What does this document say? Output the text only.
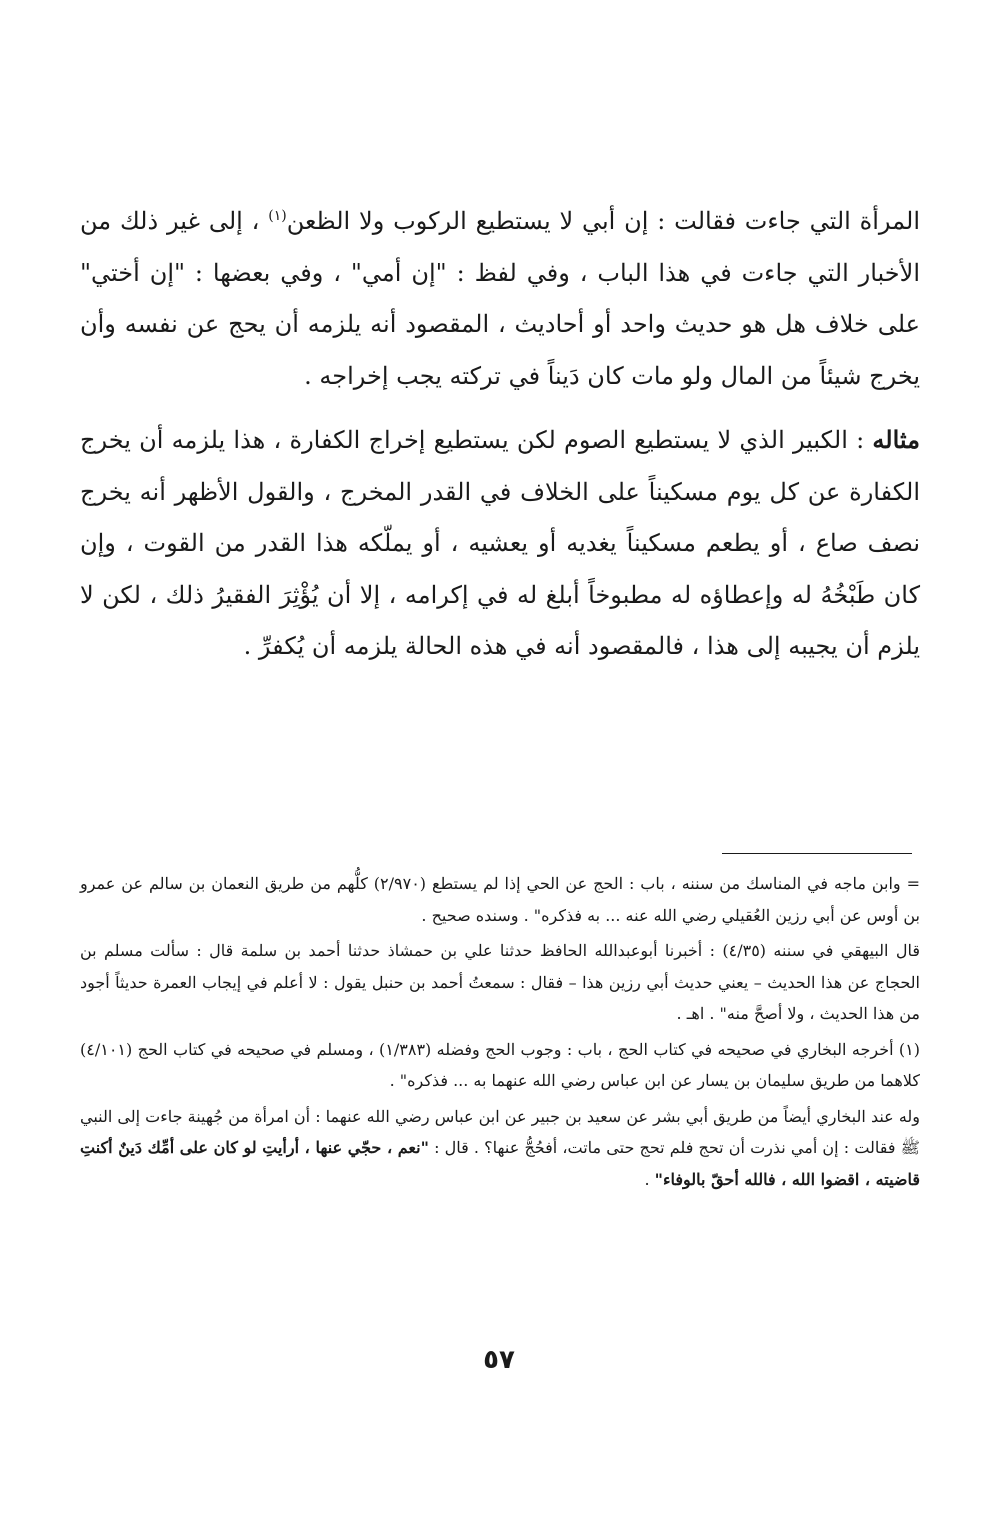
المرأة التي جاءت فقالت : إن أبي لا يستطيع الركوب ولا الظعن$^{(١)}$ ، إلى غير ذلك من الأخبار التي جاءت في هذا الباب ، وفي لفظ : "إن أمي" ، وفي بعضها : "إن أختي" على خلاف هل هو حديث واحد أو أحاديث ، المقصود أنه يلزمه أن يحج عن نفسه وأن يخرج شيئاً من المال ولو مات كان دَيناً في تركته يجب إخراجه .

مثاله : الكبير الذي لا يستطيع الصوم لكن يستطيع إخراج الكفارة ، هذا يلزمه أن يخرج الكفارة عن كل يوم مسكيناً على الخلاف في القدر المخرج ، والقول الأظهر أنه يخرج نصف صاع ، أو يطعم مسكيناً يغديه أو يعشيه ، أو يملّكه هذا القدر من القوت ، وإن كان طَبْخُهُ له وإعطاؤه له مطبوخاً أبلغ له في إكرامه ، إلا أن يُؤْثِرَ الفقيرُ ذلك ، لكن لا يلزم أن يجيبه إلى هذا ، فالمقصود أنه في هذه الحالة يلزمه أن يُكفرِّ .

= وابن ماجه في المناسك من سننه ، باب : الحج عن الحي إذا لم يستطع (٢/٩٧٠) كلُّهم من طريق النعمان بن سالم عن عمرو بن أوس عن أبي رزين العُقيلي رضي الله عنه ... به فذكره" . وسنده صحيح .

قال البيهقي في سننه (٤/٣٥) : أخبرنا أبوعبدالله الحافظ حدثنا علي بن حمشاذ حدثنا أحمد بن سلمة قال : سألت مسلم بن الحجاج عن هذا الحديث – يعني حديث أبي رزين هذا – فقال : سمعتُ أحمد بن حنبل يقول : لا أعلم في إيجاب العمرة حديثاً أجود من هذا الحديث ، ولا أصحَّ منه" . اهـ .

(١) أخرجه البخاري في صحيحه في كتاب الحج ، باب : وجوب الحج وفضله (١/٣٨٣) ، ومسلم في صحيحه في كتاب الحج (٤/١٠١) كلاهما من طريق سليمان بن يسار عن ابن عباس رضي الله عنهما به ... فذكره" .

وله عند البخاري أيضاً من طريق أبي بشر عن سعيد بن جبير عن ابن عباس رضي الله عنهما : أن امرأة من جُهينة جاءت إلى النبي ﷺ فقالت : إن أمي نذرت أن تحج فلم تحج حتى ماتت، أفحُجُّ عنها؟ . قال : "نعم ، حجّي عنها ، أرأيتِ لو كان على أمِّك دَينٌ أكنتِ قاضيته ، اقضوا الله ، فالله أحقّ بالوفاء" .

٥٧
